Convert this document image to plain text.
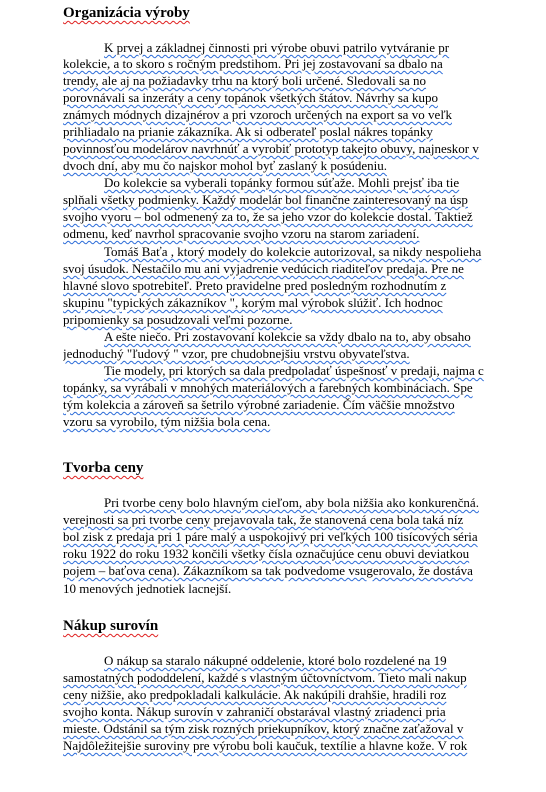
Organizácia výroby
K prvej a základnej činnosti pri výrobe obuvi patrilo vytváranie pr
kolekcie, a to skoro s ročným predstihom. Pri jej zostavovaní sa dbalo na
trendy, ale aj na požiadavky trhu na ktorý boli určené. Sledovali sa no
porovnávali sa inzeráty a ceny topánok všetkých štátov. Návrhy sa kupo
známych módnych dizajnérov a pri vzoroch určených na export sa vo veľk
prihliadalo na prianie zákazníka. Ak si odberateľ poslal nákres topánky
povinnosťou modelárov navrhnúť a vyrobiť prototyp takejto obuvy, najneskor v
dvoch dní, aby mu čo najskor mohol byť zaslaný k posúdeniu.
Do kolekcie sa vyberali topánky formou súťaže. Mohli prejsť iba tie
splňali všetky podmienky. Každý modelár bol finančne zainteresovaný na úsp
svojho vyoru – bol odmenený za to, že sa jeho vzor do kolekcie dostal. Taktiež
odmenu, keď navrhol spracovanie svojho vzoru na starom zariadení.
Tomáš Baťa , ktorý modely do kolekcie autorizoval, sa nikdy nespolieha
svoj úsudok. Nestačilo mu ani vyjadrenie vedúcich riaditeľov predaja. Pre ne
hlavné slovo spotrebiteľ. Preto pravidelne pred posledným rozhodnutím z
skupinu "typických zákazníkov ", korým mal výrobok slúžiť. Ich hodnoc
pripomienky sa posudzovali veľmi pozorne.
A ešte niečo. Pri zostavovaní kolekcie sa vždy dbalo na to, aby obsaho
jednoduchý "ľudový " vzor, pre chudobnejšiu vrstvu obyvateľstva.
Tie modely, pri ktorých sa dala predpoladať úspešnosť v predaji, najma c
topánky, sa vyrábali v mnohých materiálových a farebných kombináciach. Spe
tým kolekcia a zároveň sa šetrilo výrobné zariadenie. Čím väčšie množstvo
vzoru sa vyrobilo, tým nižšia bola cena.
Tvorba ceny
Pri tvorbe ceny bolo hlavným cieľom, aby bola nižšia ako konkurenčná.
verejnosti sa pri tvorbe ceny prejavovala tak, že stanovená cena bola taká níz
bol zisk z predaja pri 1 páre malý a uspokojivý pri veľkých 100 tisícových séria
roku 1922 do roku 1932 končili všetky čísla označujúce cenu obuvi deviatkou
pojem – baťova cena). Zákazníkom sa tak podvedome vsugerovalo, že dostáva
10 menových jednotiek lacnejší.
Nákup surovín
O nákup sa staralo nákupné oddelenie, ktoré bolo rozdelené na 19
samostatných pododdelení, každé s vlastným účtovníctvom. Tieto mali nakup
ceny nižšie, ako predpokladali kalkulácie. Ak nakúpili drahšie, hradili roz
svojho konta. Nákup surovín v zahraničí obstarával vlastný zriadenci pria
mieste. Odstánil sa tým zisk rozných priekupníkov, ktorý značne zaťažoval v
Najdôležitejšie suroviny pre výrobu boli kaučuk, textílie a hlavne kože. V rok
